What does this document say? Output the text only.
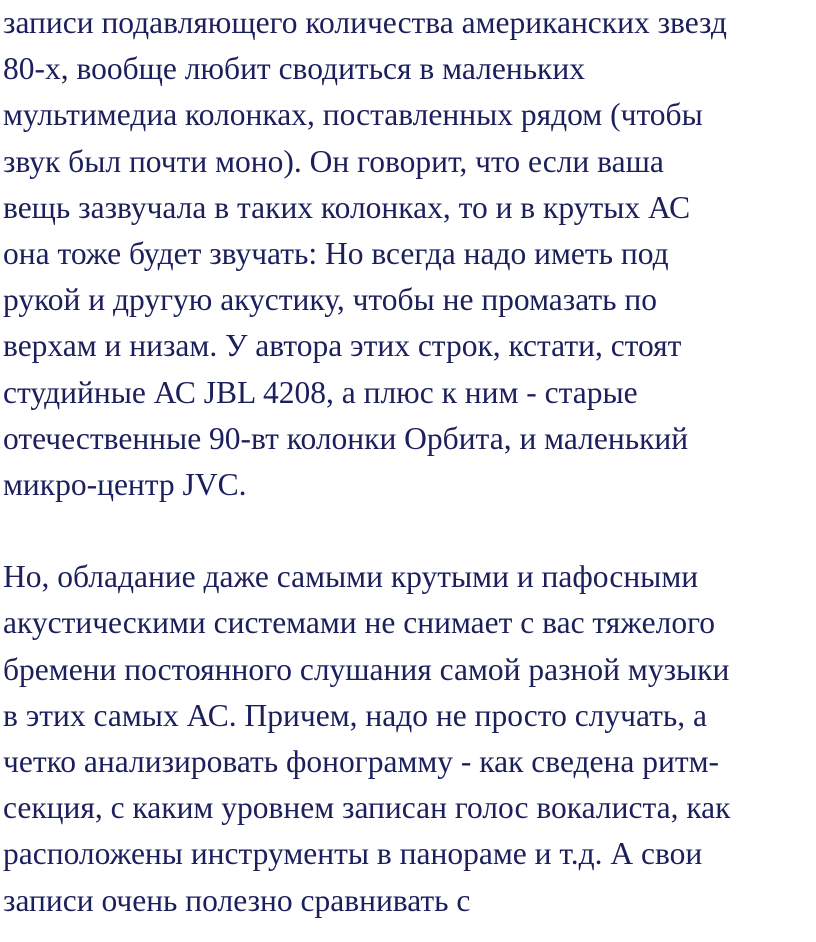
записи подавляющего количества американских звезд
80-х, вообще любит сводиться в маленьких
мультимедиа колонках, поставленных рядом (чтобы
звук был почти моно). Он говорит, что если ваша
вещь зазвучала в таких колонках, то и в крутых АС
она тоже будет звучать: Но всегда надо иметь под
рукой и другую акустику, чтобы не промазать по
верхам и низам. У автора этих строк, кстати, стоят
студийные АС JBL 4208, а плюс к ним - старые
отечественные 90-вт колонки Орбита, и маленький
микро-центр JVC.
Но, обладание даже самыми крутыми и пафосными
акустическими системами не снимает с вас тяжелого
бремени постоянного слушания самой разной музыки
в этих самых АС. Причем, надо не просто случать, а
четко анализировать фонограмму - как сведена ритм-
секция, с каким уровнем записан голос вокалиста, как
расположены инструменты в панораме и т.д. А свои
записи очень полезно сравнивать с
